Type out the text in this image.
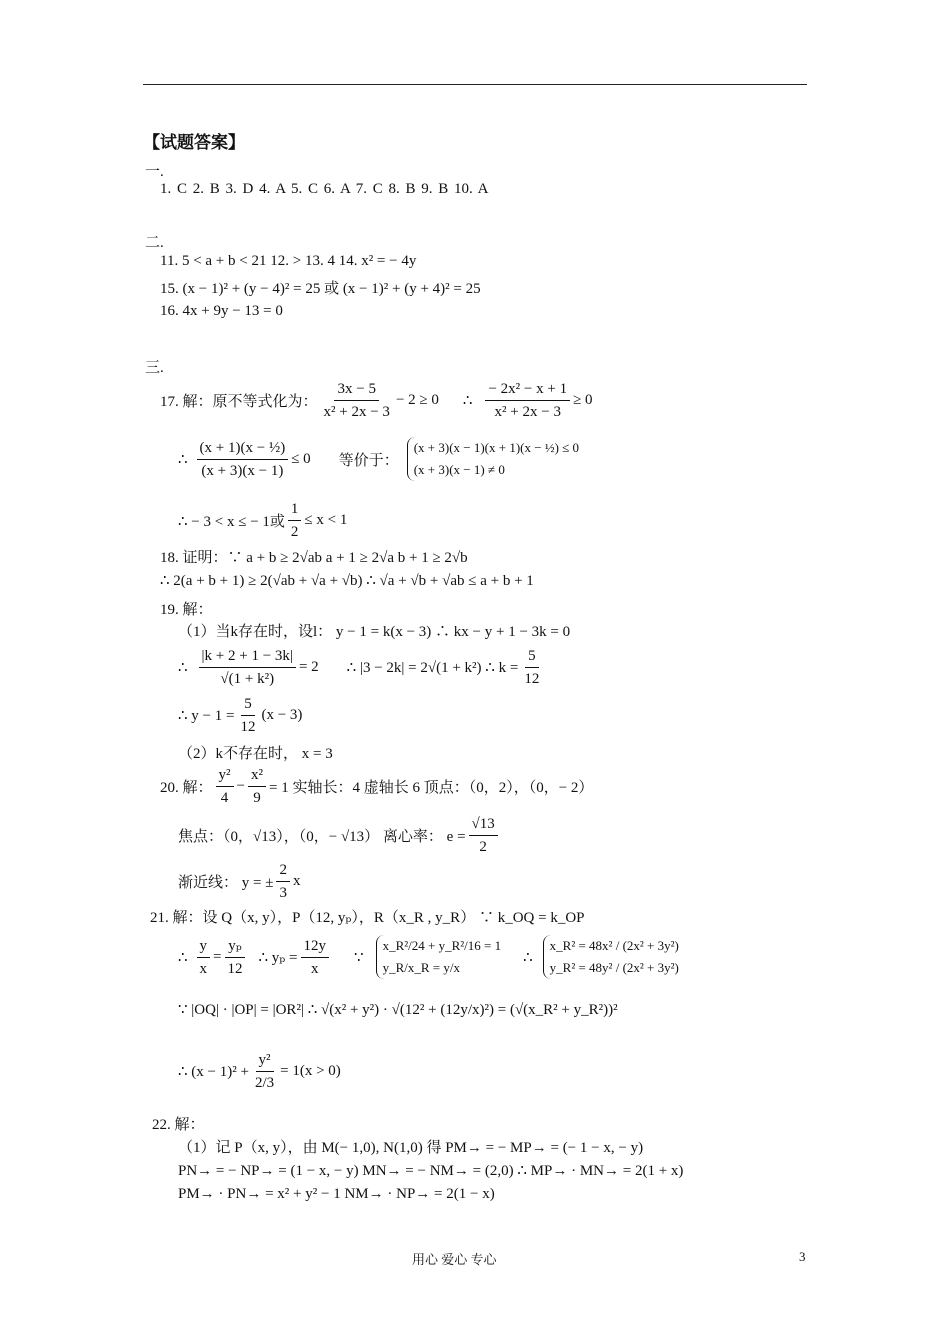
【试题答案】
一.
1. C 2. B 3. D 4. A 5. C 6. A 7. C 8. B 9. B 10. A
二.
11. 5 < a + b < 21 12. > 13. 4 14. x² = − 4y
15. (x − 1)² + (y − 4)² = 25 或 (x − 1)² + (y + 4)² = 25
16. 4x + 9y − 13 = 0
三.
17. 解：原不等式化为： $\frac{3x - 5}{\text{x² + 2x − 3}} - 2 \ge 0$ ∴ $\frac{\text{− 2x² − x + 1}}{\text{x² + 2x − 3}} \ge 0$
∴ $\frac{\text{(x + 1)(x − ½)}}{(x + 3)(x - 1)} \le 0$ 等价于：
(x + 3)(x − 1)(x + 1)(x − ½) ≤ 0
(x + 3)(x − 1) ≠ 0
∴ − 3 < x ≤ − 1或 $\frac{1}{2} \le x < 1$
18. 证明：∵ a + b ≥ 2√ab a + 1 ≥ 2√a b + 1 ≥ 2√b
∴ 2(a + b + 1) ≥ 2(√ab + √a + √b) ∴ √a + √b + √ab ≤ a + b + 1
19. 解：
（1）当k存在时，设l： y − 1 = k(x − 3) ∴ kx − y + 1 − 3k = 0
∴ $\frac{|k + 2 + 1 - 3k|}{\text{√(1 + k²)}} = 2$ ∴ |3 − 2k| = 2√(1 + k²) ∴ $k = \frac{5}{12}$
∴ $y - 1 = \frac{5}{12} (x - 3)$
（2）k不存在时， x = 3
20. 解： $\frac{\text{y²}}{4} - \frac{\text{x²}}{9} = 1$ 实轴长：4 虚轴长 6 顶点：（0，2），（0，− 2）
焦点：（0，√13），（0，− √13） 离心率： $e = \frac{√13}{2}$
渐近线： y = ± $\frac{2}{3}$ x
21. 解：设 Q（x, y），P（12, yₚ），R（x_R , y_R） ∵ k_OQ = k_OP
∴ $\frac{y}{x} = \frac{\text{yₚ}}{12}$ ∴ $y_p = \frac{12y}{x}$ ∵
x_R²/24 + y_R²/16 = 1
y_R/x_R = y/x
∴
x_R² = 48x² / (2x² + 3y²)
y_R² = 48y² / (2x² + 3y²)
∵ |OQ| · |OP| = |OR²| ∴ √(x² + y²) · √(12² + (12y/x)²) = (√(x_R² + y_R²))²
∴ $(x - 1)^2 + \frac{\text{y²}}{2/3} = 1(x > 0)$
22. 解：
（1）记 P（x, y），由 M(− 1,0), N(1,0) 得 PM→ = − MP→ = (− 1 − x, − y)
PN→ = − NP→ = (1 − x, − y) MN→ = − NM→ = (2,0) ∴ MP→ · MN→ = 2(1 + x)
PM→ · PN→ = x² + y² − 1 NM→ · NP→ = 2(1 − x)
用心 爱心 专心	3
